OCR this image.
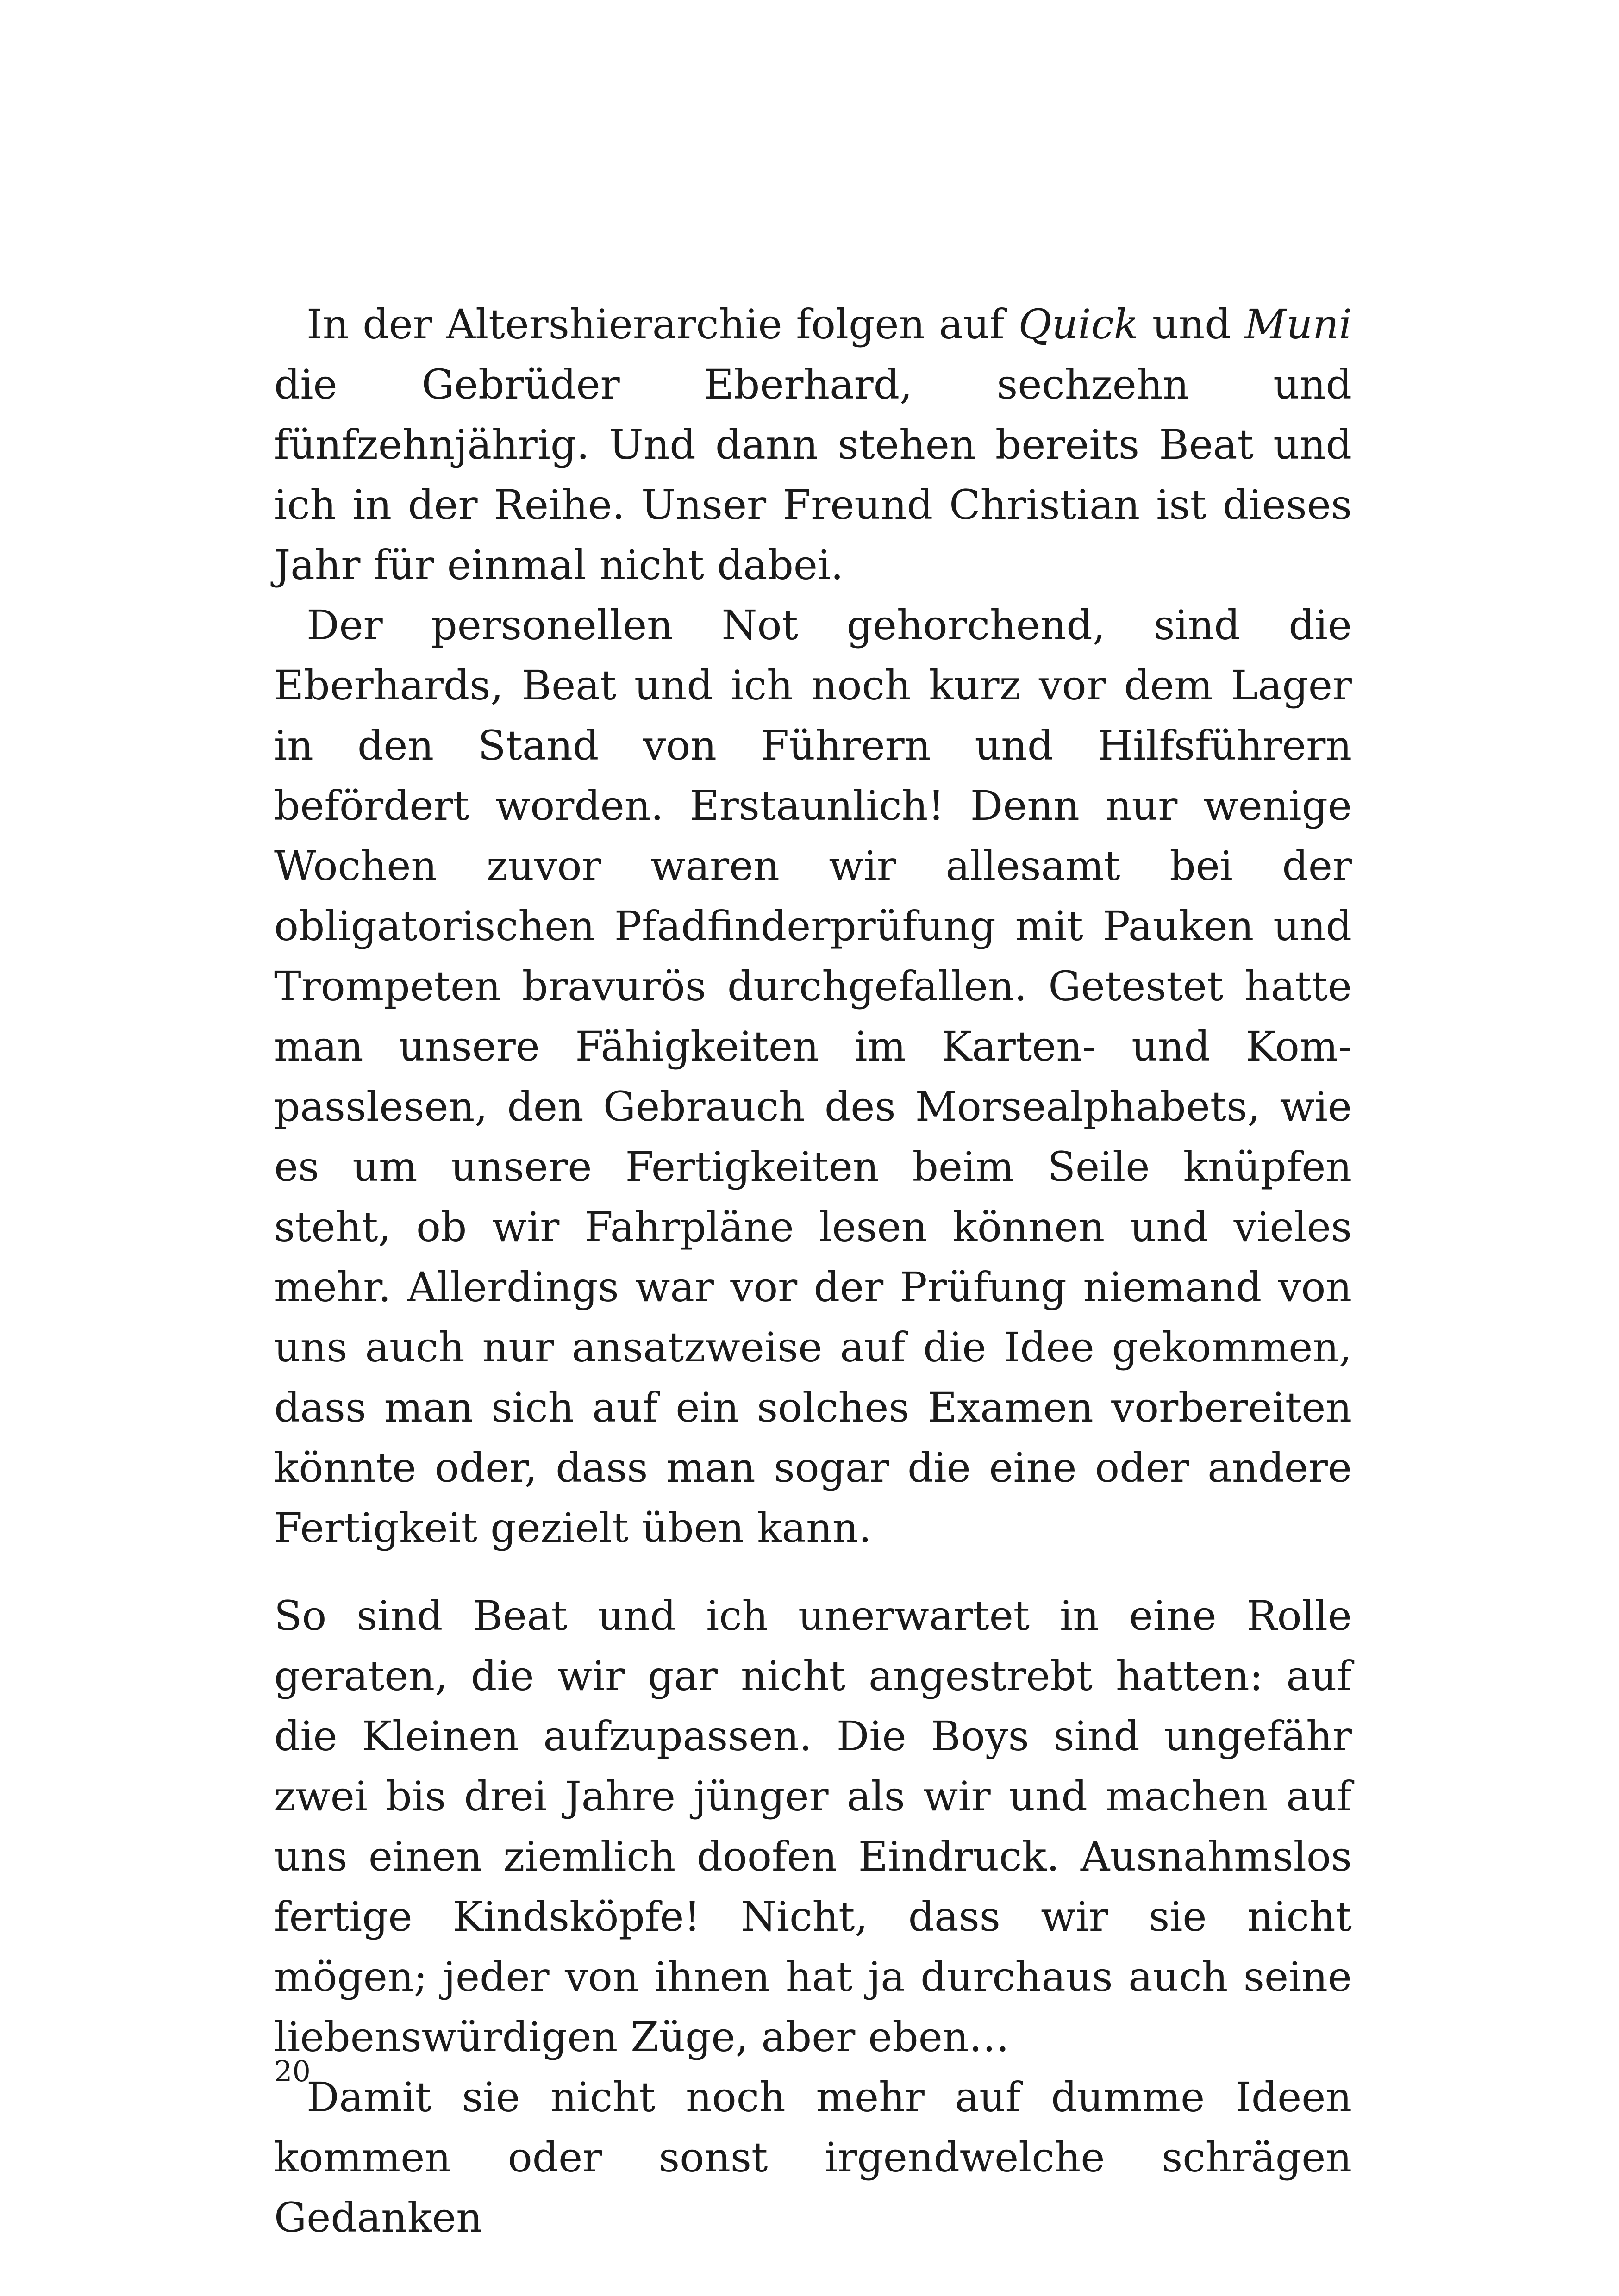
In der Altershierarchie folgen auf Quick und Muni die Gebrüder Eberhard, sechzehn und fünfzehnjährig. Und dann stehen bereits Beat und ich in der Reihe. Unser Freund Christian ist dieses Jahr für einmal nicht dabei.

Der personellen Not gehorchend, sind die Eberhards, Beat und ich noch kurz vor dem Lager in den Stand von Führern und Hilfsführern befördert worden. Erstaunlich! Denn nur wenige Wochen zuvor waren wir allesamt bei der obligatorischen Pfadfinderprüfung mit Pauken und Trompeten bravurös durchgefallen. Getestet hatte man unsere Fähigkeiten im Karten- und Kompasslesen, den Gebrauch des Morsealphabets, wie es um unsere Fertigkeiten beim Seile knüpfen steht, ob wir Fahrpläne lesen können und vieles mehr. Allerdings war vor der Prüfung niemand von uns auch nur ansatzweise auf die Idee gekommen, dass man sich auf ein solches Examen vorbereiten könnte oder, dass man sogar die eine oder andere Fertigkeit gezielt üben kann.

So sind Beat und ich unerwartet in eine Rolle geraten, die wir gar nicht angestrebt hatten: auf die Kleinen aufzupassen. Die Boys sind ungefähr zwei bis drei Jahre jünger als wir und machen auf uns einen ziemlich doofen Eindruck. Ausnahmslos fertige Kindsköpfe! Nicht, dass wir sie nicht mögen; jeder von ihnen hat ja durchaus auch seine liebenswürdigen Züge, aber eben…

Damit sie nicht noch mehr auf dumme Ideen kommen oder sonst irgendwelche schrägen Gedanken

20
